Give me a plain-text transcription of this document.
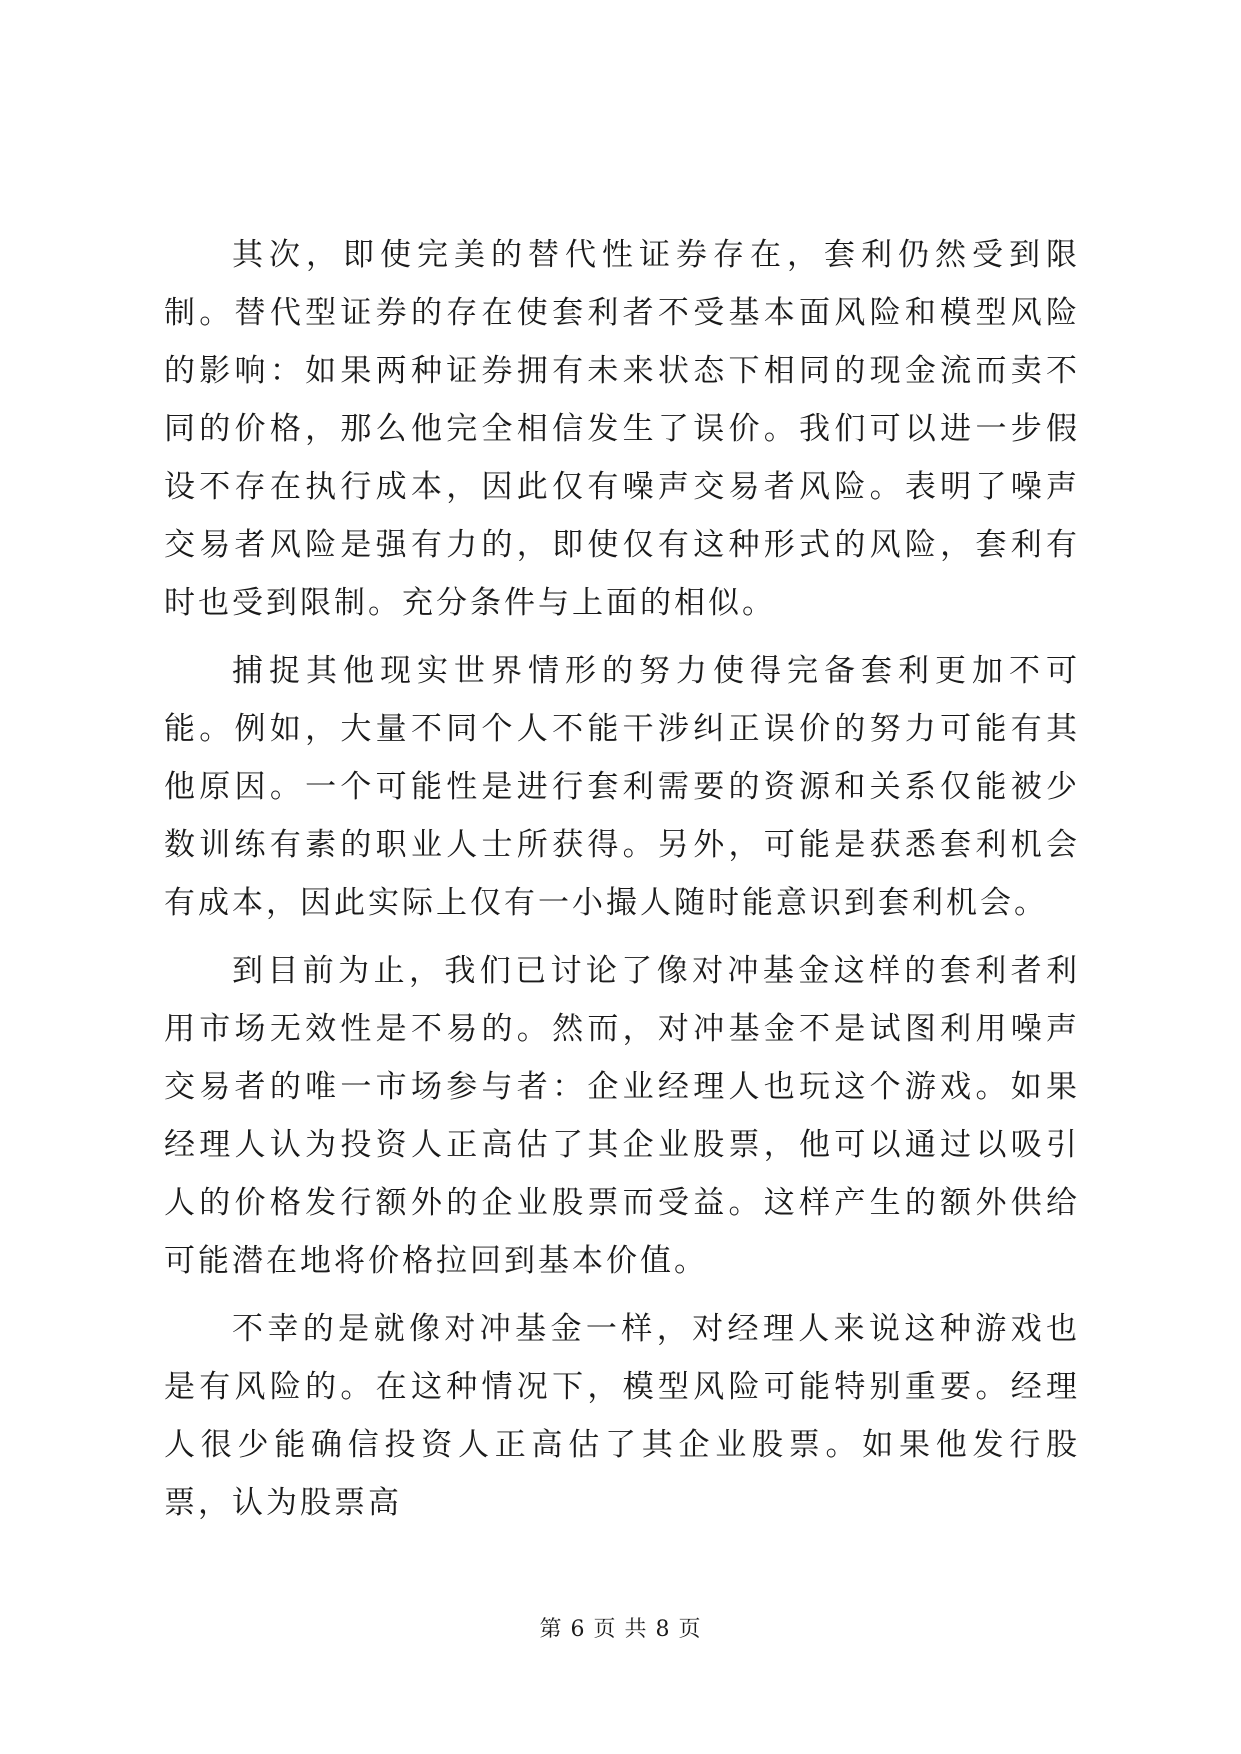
其次，即使完美的替代性证券存在，套利仍然受到限制。替代型证券的存在使套利者不受基本面风险和模型风险的影响：如果两种证券拥有未来状态下相同的现金流而卖不同的价格，那么他完全相信发生了误价。我们可以进一步假设不存在执行成本，因此仅有噪声交易者风险。表明了噪声交易者风险是强有力的，即使仅有这种形式的风险，套利有时也受到限制。充分条件与上面的相似。

捕捉其他现实世界情形的努力使得完备套利更加不可能。例如，大量不同个人不能干涉纠正误价的努力可能有其他原因。一个可能性是进行套利需要的资源和关系仅能被少数训练有素的职业人士所获得。另外，可能是获悉套利机会有成本，因此实际上仅有一小撮人随时能意识到套利机会。

到目前为止，我们已讨论了像对冲基金这样的套利者利用市场无效性是不易的。然而，对冲基金不是试图利用噪声交易者的唯一市场参与者：企业经理人也玩这个游戏。如果经理人认为投资人正高估了其企业股票，他可以通过以吸引人的价格发行额外的企业股票而受益。这样产生的额外供给可能潜在地将价格拉回到基本价值。

不幸的是就像对冲基金一样，对经理人来说这种游戏也是有风险的。在这种情况下，模型风险可能特别重要。经理人很少能确信投资人正高估了其企业股票。如果他发行股票，认为股票高

第 6 页 共 8 页
